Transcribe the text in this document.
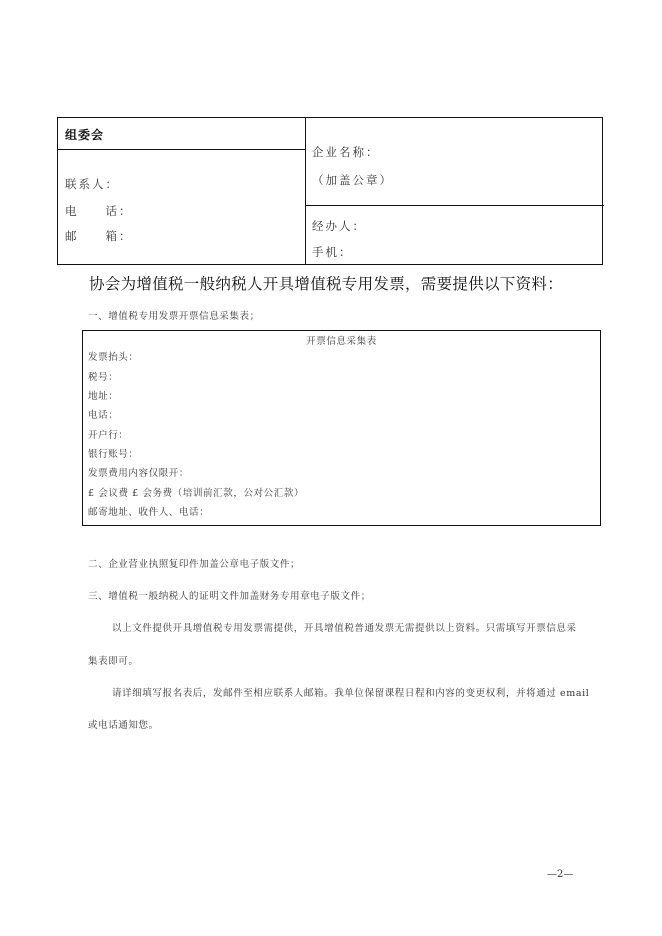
组委会
联系人：
电　　话：
邮　　箱：
企业名称：
（加盖公章）
经办人：
手机：
协会为增值税一般纳税人开具增值税专用发票，需要提供以下资料：
一、增值税专用发票开票信息采集表；
开票信息采集表
发票抬头：
税号：
地址：
电话：
开户行：
银行账号：
发票费用内容仅限开：
£ 会议费 £ 会务费（培训前汇款，公对公汇款）
邮寄地址、收件人、电话：
二、企业营业执照复印件加盖公章电子版文件；
三、增值税一般纳税人的证明文件加盖财务专用章电子版文件；
以上文件提供开具增值税专用发票需提供，开具增值税普通发票无需提供以上资料。只需填写开票信息采
集表即可。
请详细填写报名表后，发邮件至相应联系人邮箱。我单位保留课程日程和内容的变更权利，并将通过 email
或电话通知您。
—2—
